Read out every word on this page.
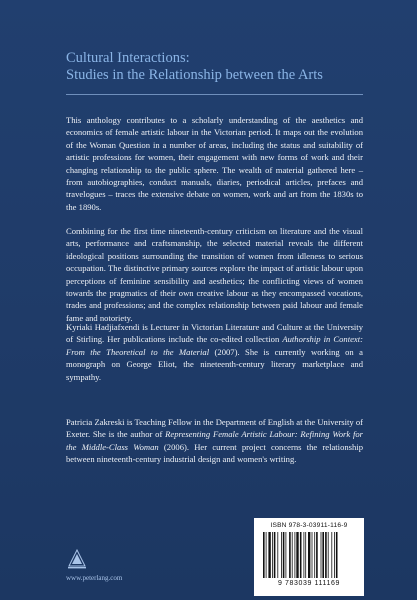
Cultural Interactions:
Studies in the Relationship between the Arts

This anthology contributes to a scholarly understanding of the aesthetics and economics of female artistic labour in the Victorian period. It maps out the evolution of the Woman Question in a number of areas, including the status and suitability of artistic professions for women, their engagement with new forms of work and their changing relationship to the public sphere. The wealth of material gathered here – from autobiographies, conduct manuals, diaries, periodical articles, prefaces and travelogues – traces the extensive debate on women, work and art from the 1830s to the 1890s.

Combining for the first time nineteenth-century criticism on literature and the visual arts, performance and craftsmanship, the selected material reveals the different ideological positions surrounding the transition of women from idleness to serious occupation. The distinctive primary sources explore the impact of artistic labour upon perceptions of feminine sensibility and aesthetics; the conflicting views of women towards the pragmatics of their own creative labour as they encompassed vocations, trades and professions; and the complex relationship between paid labour and female fame and notoriety.

Kyriaki Hadjiafxendi is Lecturer in Victorian Literature and Culture at the University of Stirling. Her publications include the co-edited collection Authorship in Context: From the Theoretical to the Material (2007). She is currently working on a monograph on George Eliot, the nineteenth-century literary marketplace and sympathy.

Patricia Zakreski is Teaching Fellow in the Department of English at the University of Exeter. She is the author of Representing Female Artistic Labour: Refining Work for the Middle-Class Woman (2006). Her current project concerns the relationship between nineteenth-century industrial design and women's writing.

ISBN 978-3-03911-116-9
9 783039 111169
www.peterlang.com
